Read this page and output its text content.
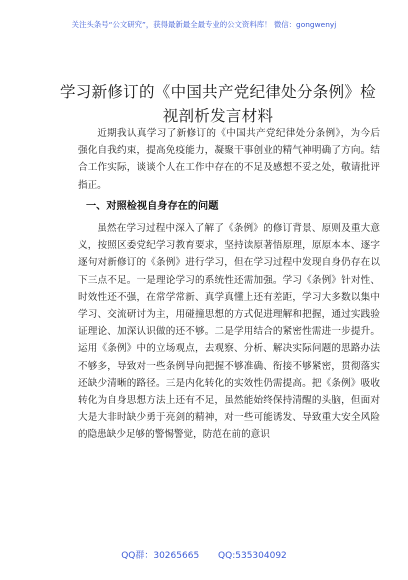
关注头条号“公文研究”，获得最新最全最专业的公文资料库！ 微信：gongwenyj
学习新修订的《中国共产党纪律处分条例》检视剖析发言材料

近期我认真学习了新修订的《中国共产党纪律处分条例》，为今后强化自我约束，提高免疫能力，凝聚干事创业的精气神明确了方向。结合工作实际，谈谈个人在工作中存在的不足及感想不妥之处，敬请批评指正。

一、对照检视自身存在的问题

虽然在学习过程中深入了解了《条例》的修订背景、原则及重大意义，按照区委党纪学习教育要求，坚持读原著悟原理，原原本本、逐字逐句对新修订的《条例》进行学习，但在学习过程中发现自身仍存在以下三点不足。一是理论学习的系统性还需加强。学习《条例》针对性、时效性还不强，在常学常新、真学真懂上还有差距，学习大多数以集中学习、交流研讨为主，用碰撞思想的方式促进理解和把握，通过实践验证理论、加深认识做的还不够。二是学用结合的紧密性需进一步提升。运用《条例》中的立场观点，去观察、分析、解决实际问题的思路办法不够多，导致对一些条例导向把握不够准确、衔接不够紧密，贯彻落实还缺少清晰的路径。三是内化转化的实效性仍需提高。把《条例》吸收转化为自身思想方法上还有不足，虽然能始终保持清醒的头脑，但面对大是大非时缺少勇于亮剑的精神，对一些可能诱发、导致重大安全风险的隐患缺少足够的警惕警觉，防范在前的意识

QQ群：30265665 QQ:535304092
